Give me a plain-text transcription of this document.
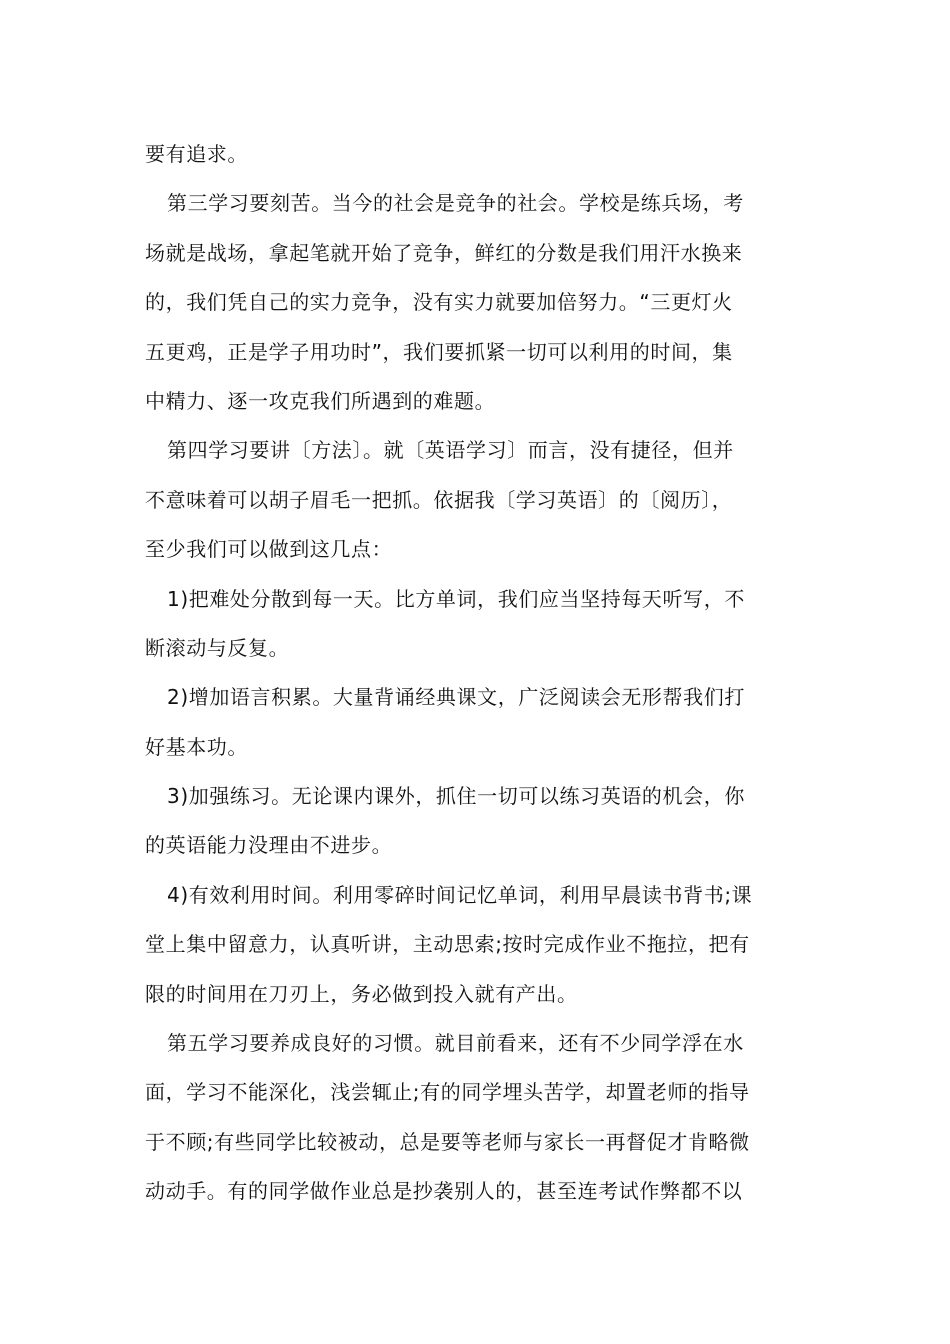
要有追求。
第三学习要刻苦。当今的社会是竞争的社会。学校是练兵场，考
场就是战场，拿起笔就开始了竞争，鲜红的分数是我们用汗水换来
的，我们凭自己的实力竞争，没有实力就要加倍努力。“三更灯火
五更鸡，正是学子用功时”，我们要抓紧一切可以利用的时间，集
中精力、逐一攻克我们所遇到的难题。
第四学习要讲〔方法〕。就〔英语学习〕而言，没有捷径，但并
不意味着可以胡子眉毛一把抓。依据我〔学习英语〕的〔阅历〕，
至少我们可以做到这几点：
1)把难处分散到每一天。比方单词，我们应当坚持每天听写，不
断滚动与反复。
2)增加语言积累。大量背诵经典课文，广泛阅读会无形帮我们打
好基本功。
3)加强练习。无论课内课外，抓住一切可以练习英语的机会，你
的英语能力没理由不进步。
4)有效利用时间。利用零碎时间记忆单词，利用早晨读书背书;课
堂上集中留意力，认真听讲，主动思索;按时完成作业不拖拉，把有
限的时间用在刀刃上，务必做到投入就有产出。
第五学习要养成良好的习惯。就目前看来，还有不少同学浮在水
面，学习不能深化，浅尝辄止;有的同学埋头苦学，却置老师的指导
于不顾;有些同学比较被动，总是要等老师与家长一再督促才肯略微
动动手。有的同学做作业总是抄袭别人的，甚至连考试作弊都不以
